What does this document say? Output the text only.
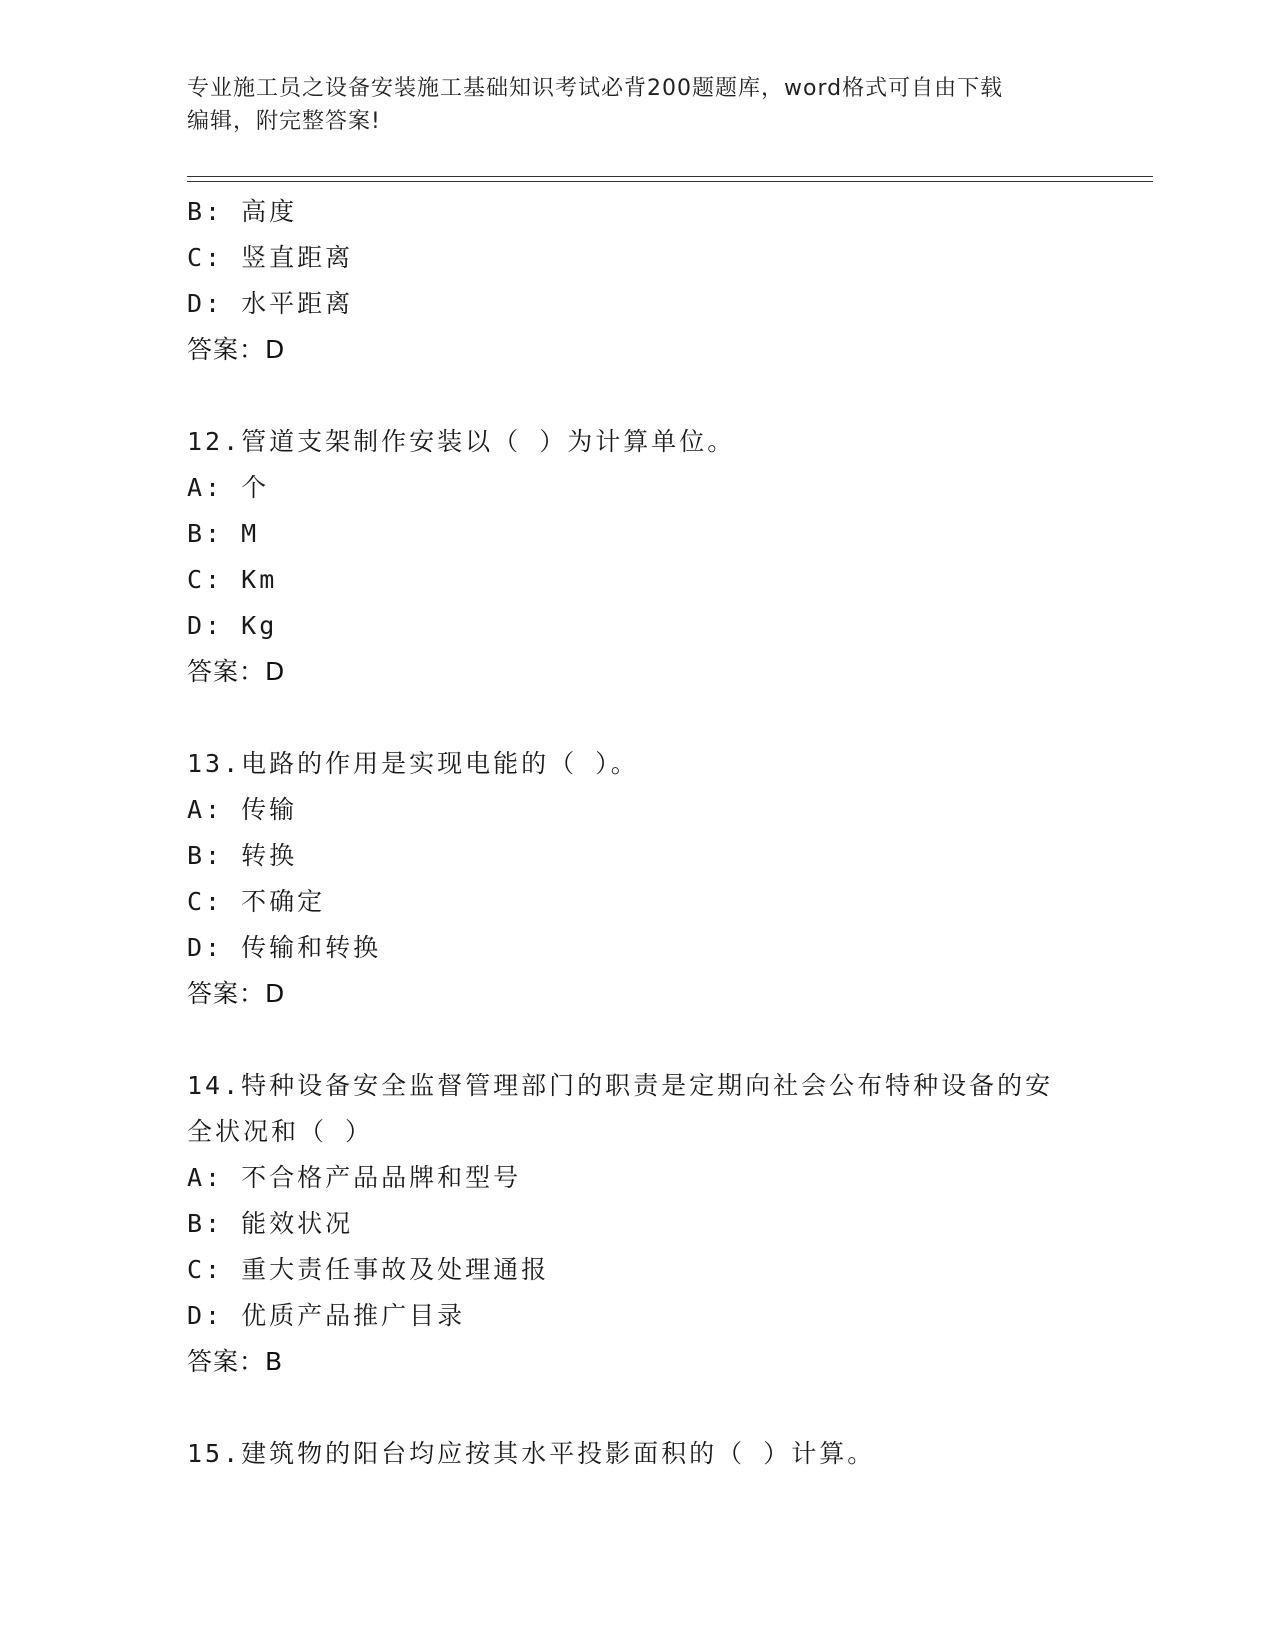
专业施工员之设备安装施工基础知识考试必背200题题库，word格式可自由下载
编辑，附完整答案!
B: 高度
C: 竖直距离
D: 水平距离
答案：D
12.管道支架制作安装以（ ）为计算单位。
A: 个
B: M
C: Km
D: Kg
答案：D
13.电路的作用是实现电能的（ ）。
A: 传输
B: 转换
C: 不确定
D: 传输和转换
答案：D
14.特种设备安全监督管理部门的职责是定期向社会公布特种设备的安
全状况和（ ）
A: 不合格产品品牌和型号
B: 能效状况
C: 重大责任事故及处理通报
D: 优质产品推广目录
答案：B
15.建筑物的阳台均应按其水平投影面积的（ ）计算。
